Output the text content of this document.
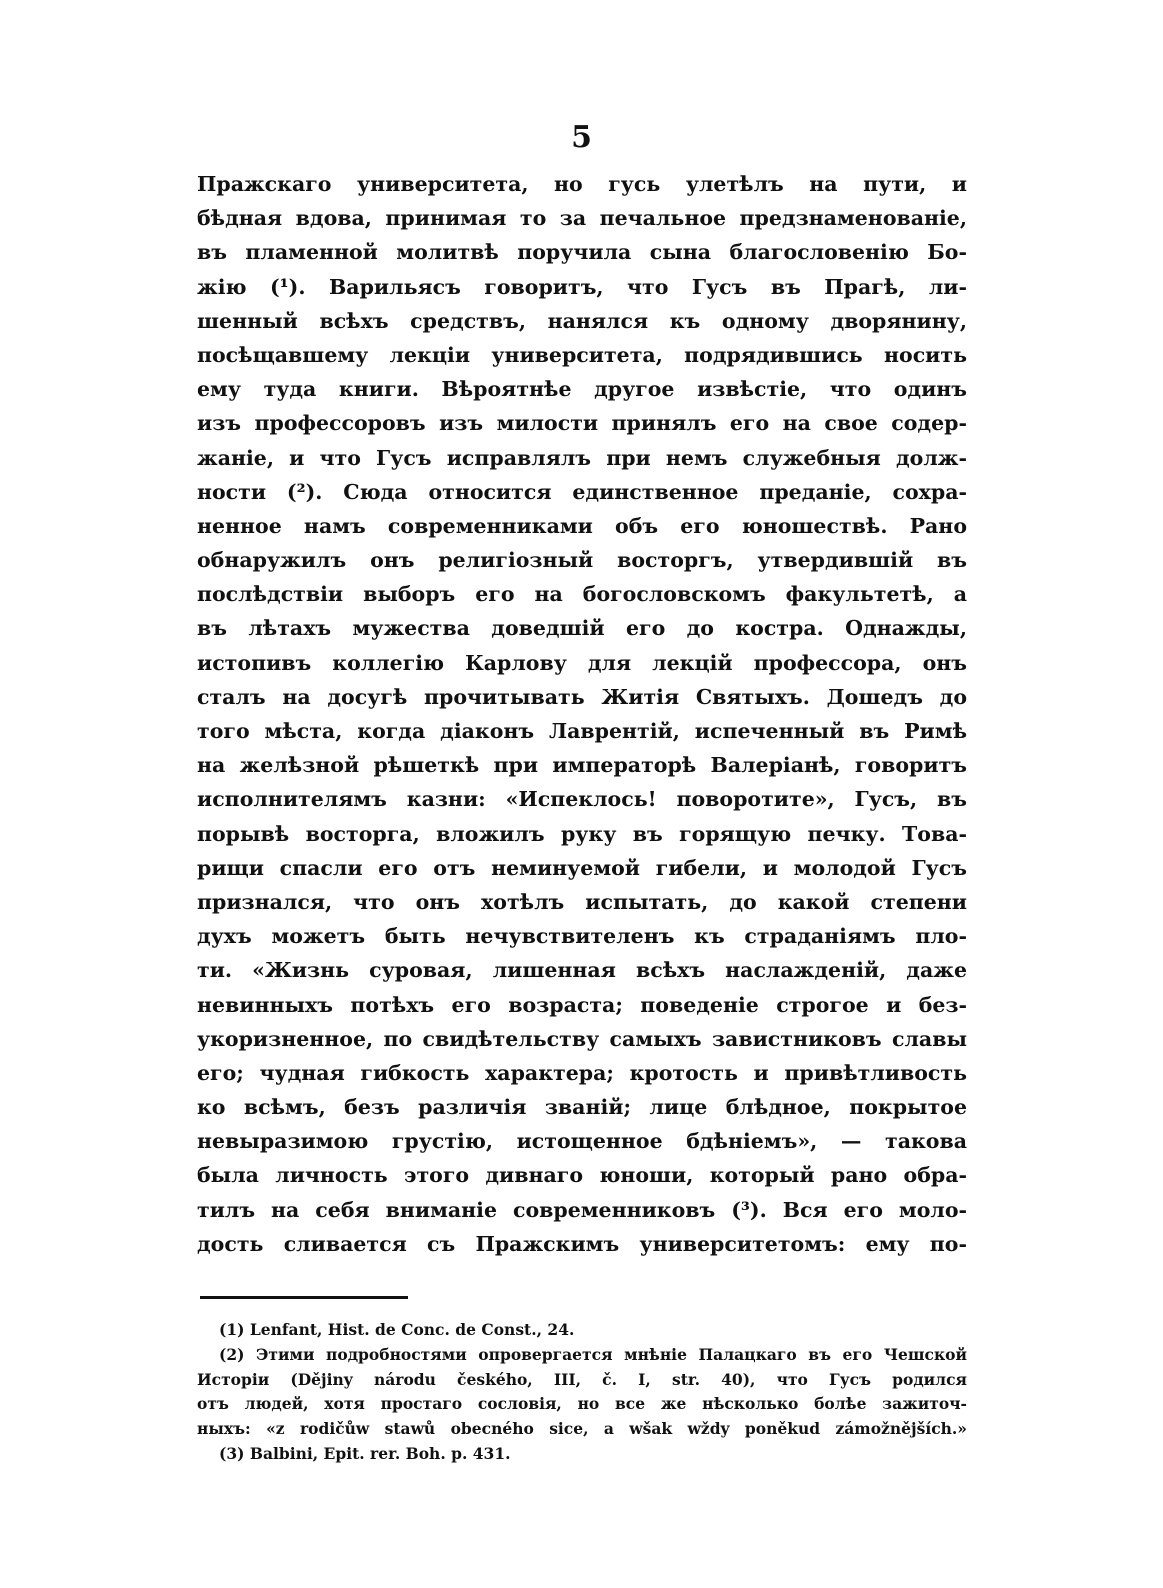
5
Пражскаго университета, но гусь улетѣлъ на пути, и
бѣдная вдова, принимая то за печальное предзнаменованіе,
въ пламенной молитвѣ поручила сына благословенію Бо-
жію (¹). Варильясъ говоритъ, что Гусъ въ Прагѣ, ли-
шенный всѣхъ средствъ, нанялся къ одному дворянину,
посѣщавшему лекціи университета, подрядившись носить
ему туда книги. Вѣроятнѣе другое извѣстіе, что одинъ
изъ профессоровъ изъ милости принялъ его на свое содер-
жаніе, и что Гусъ исправлялъ при немъ служебныя долж-
ности (²). Сюда относится единственное преданіе, сохра-
ненное намъ современниками объ его юношествѣ. Рано
обнаружилъ онъ религіозный восторгъ, утвердившій въ
послѣдствіи выборъ его на богословскомъ факультетѣ, а
въ лѣтахъ мужества доведшій его до костра. Однажды,
истопивъ коллегію Карлову для лекцій профессора, онъ
сталъ на досугѣ прочитывать Житія Святыхъ. Дошедъ до
того мѣста, когда діаконъ Лаврентій, испеченный въ Римѣ
на желѣзной рѣшеткѣ при императорѣ Валеріанѣ, говоритъ
исполнителямъ казни: «Испеклось! поворотите», Гусъ, въ
порывѣ восторга, вложилъ руку въ горящую печку. Това-
рищи спасли его отъ неминуемой гибели, и молодой Гусъ
признался, что онъ хотѣлъ испытать, до какой степени
духъ можетъ быть нечувствителенъ къ страданіямъ пло-
ти. «Жизнь суровая, лишенная всѣхъ наслажденій, даже
невинныхъ потѣхъ его возраста; поведеніе строгое и без-
укоризненное, по свидѣтельству самыхъ завистниковъ славы
его; чудная гибкость характера; кротость и привѣтливость
ко всѣмъ, безъ различія званій; лице блѣдное, покрытое
невыразимою грустію, истощенное бдѣніемъ», — такова
была личность этого дивнаго юноши, который рано обра-
тилъ на себя вниманіе современниковъ (³). Вся его моло-
дость сливается съ Пражскимъ университетомъ: ему по-
(1) Lenfant, Hist. de Conc. de Const., 24.
(2) Этими подробностями опровергается мнѣніе Палацкаго въ его Чешской
Исторіи (Dějiny národu českého, III, č. I, str. 40), что Гусъ родился
отъ людей, хотя простаго сословія, но все же нѣсколько болѣе зажиточ-
ныхъ: «z rodičůw stawů obecného sice, a wšak wždy poněkud zámožnějších.»
(3) Balbini, Epit. rer. Boh. p. 431.
